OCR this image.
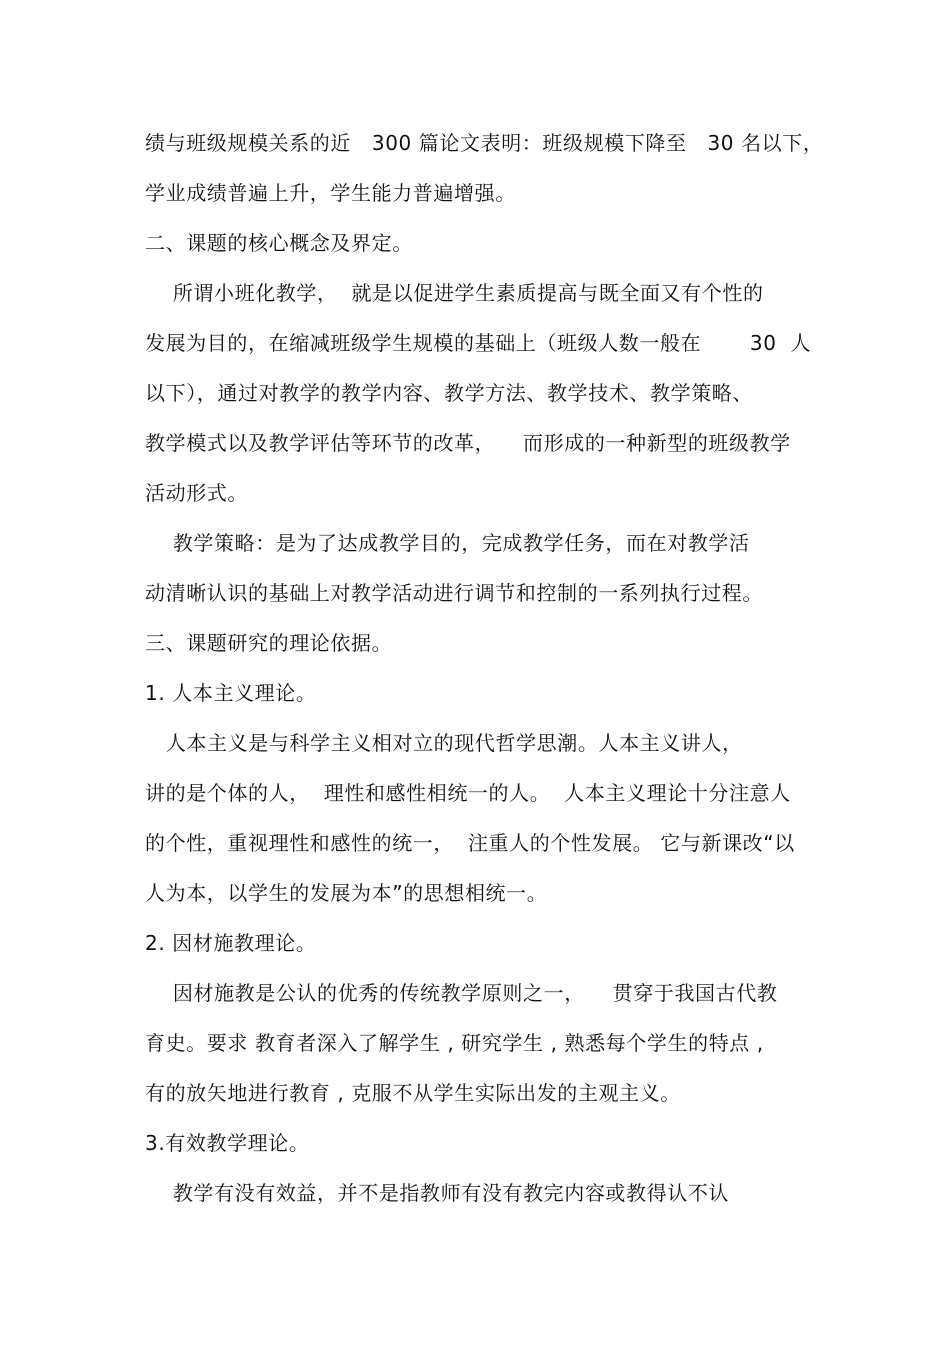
绩与班级规模关系的近   300 篇论文表明：班级规模下降至   30 名以下，
学业成绩普遍上升，学生能力普遍增强。
二、课题的核心概念及界定。
所谓小班化教学，  就是以促进学生素质提高与既全面又有个性的
发展为目的，在缩减班级学生规模的基础上（班级人数一般在       30  人
以下），通过对教学的教学内容、教学方法、教学技术、教学策略、
教学模式以及教学评估等环节的改革，    而形成的一种新型的班级教学
活动形式。
教学策略：是为了达成教学目的，完成教学任务，而在对教学活
动清晰认识的基础上对教学活动进行调节和控制的一系列执行过程。
三、课题研究的理论依据。
1. 人本主义理论。
人本主义是与科学主义相对立的现代哲学思潮。人本主义讲人，
讲的是个体的人，  理性和感性相统一的人。  人本主义理论十分注意人
的个性，重视理性和感性的统一，  注重人的个性发展。 它与新课改“以
人为本，以学生的发展为本”的思想相统一。
2. 因材施教理论。
因材施教是公认的优秀的传统教学原则之一，    贯穿于我国古代教
育史。要求 教育者深入了解学生 , 研究学生 , 熟悉每个学生的特点 ,
有的放矢地进行教育 , 克服不从学生实际出发的主观主义。
3.有效教学理论。
教学有没有效益，并不是指教师有没有教完内容或教得认不认
